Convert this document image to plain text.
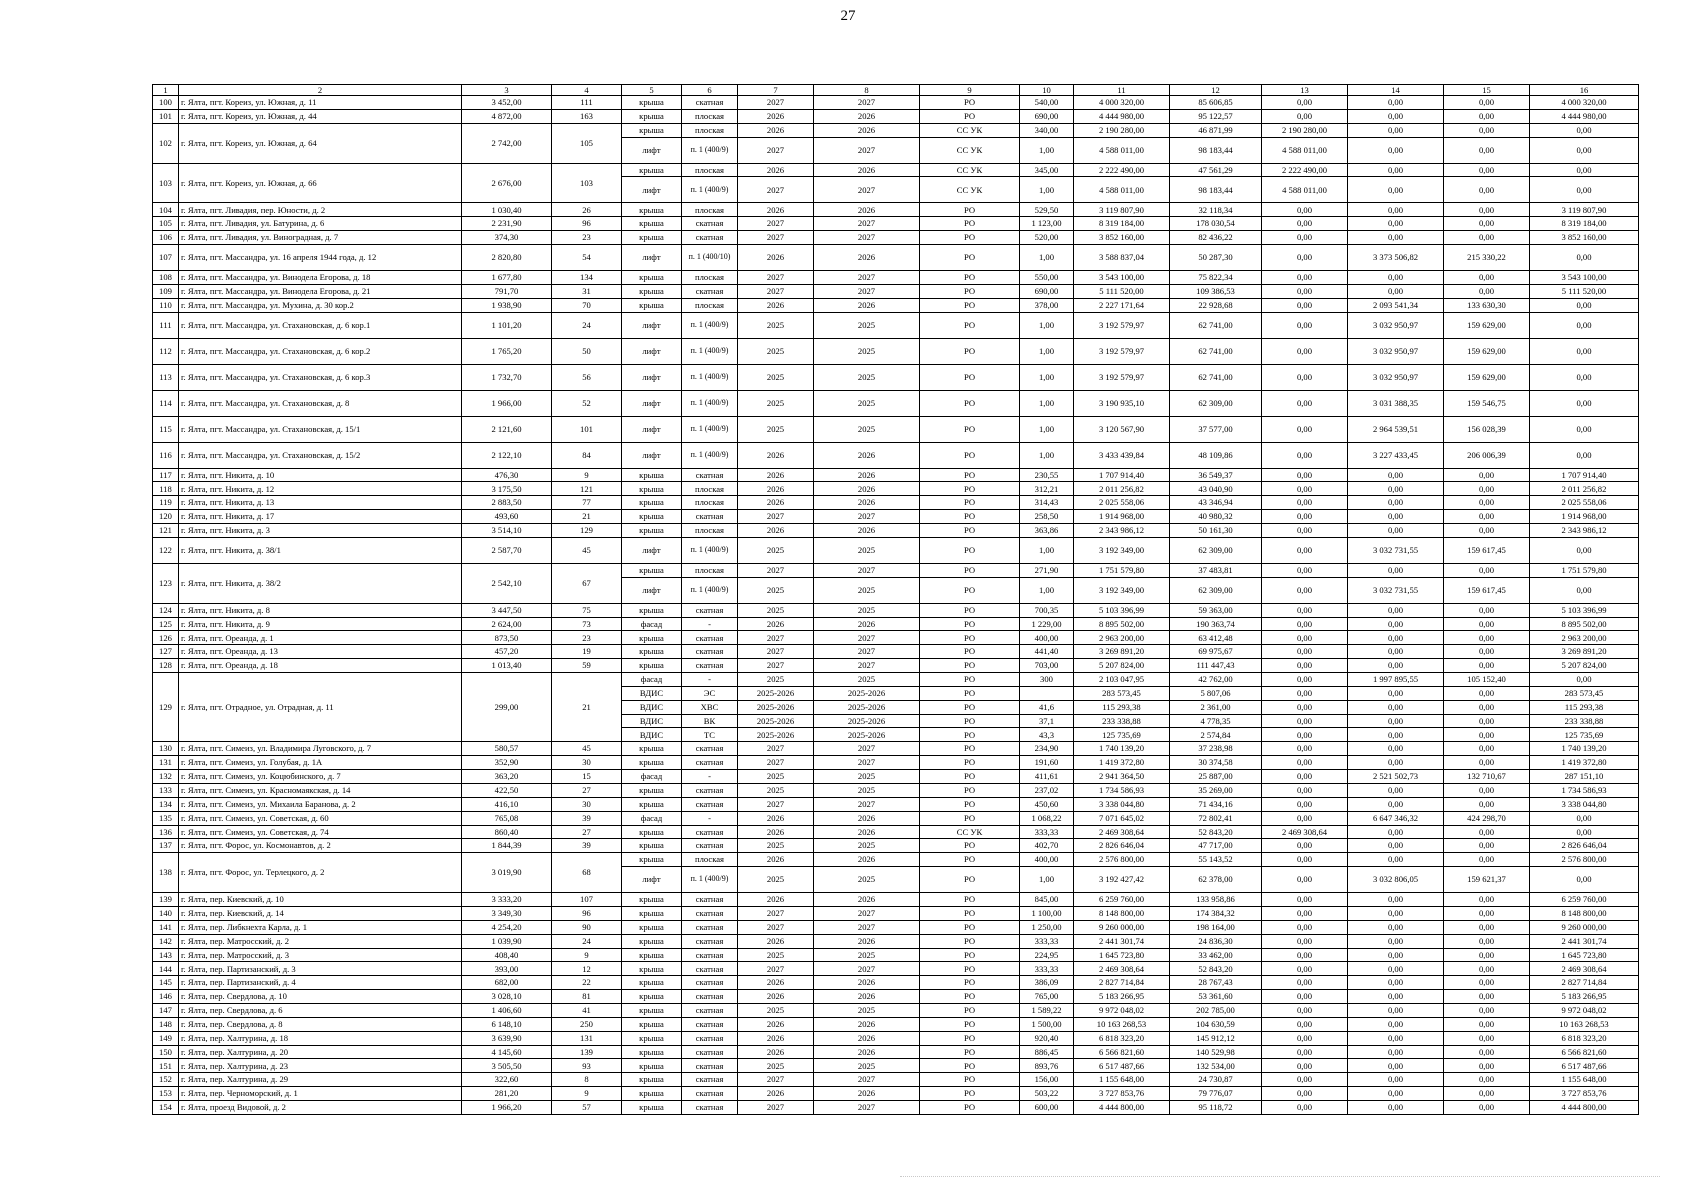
27
1	2	3	4	5	6	7	8	9	10	11	12	13	14	15	16
100	г. Ялта, пгт. Кореиз, ул. Южная, д. 11	3 452,00	111	крыша	скатная	2027	2027	РО	540,00	4 000 320,00	85 606,85	0,00	0,00	0,00	4 000 320,00
101	г. Ялта, пгт. Кореиз, ул. Южная, д. 44	4 872,00	163	крыша	плоская	2026	2026	РО	690,00	4 444 980,00	95 122,57	0,00	0,00	0,00	4 444 980,00
102	г. Ялта, пгт. Кореиз, ул. Южная, д. 64	2 742,00	105	крыша	плоская	2026	2026	СС УК	340,00	2 190 280,00	46 871,99	2 190 280,00	0,00	0,00	0,00
				лифт	п. 1 (400/9)	2027	2027	СС УК	1,00	4 588 011,00	98 183,44	4 588 011,00	0,00	0,00	0,00
103	г. Ялта, пгт. Кореиз, ул. Южная, д. 66	2 676,00	103	крыша	плоская	2026	2026	СС УК	345,00	2 222 490,00	47 561,29	2 222 490,00	0,00	0,00	0,00
				лифт	п. 1 (400/9)	2027	2027	СС УК	1,00	4 588 011,00	98 183,44	4 588 011,00	0,00	0,00	0,00
104	г. Ялта, пгт. Ливадия, пер. Юности, д. 2	1 030,40	26	крыша	плоская	2026	2026	РО	529,50	3 119 807,90	32 118,34	0,00	0,00	0,00	3 119 807,90
105	г. Ялта, пгт. Ливадия, ул. Батурина, д. 6	2 231,90	96	крыша	скатная	2027	2027	РО	1 123,00	8 319 184,00	178 030,54	0,00	0,00	0,00	8 319 184,00
106	г. Ялта, пгт. Ливадия, ул. Виноградная, д. 7	374,30	23	крыша	скатная	2027	2027	РО	520,00	3 852 160,00	82 436,22	0,00	0,00	0,00	3 852 160,00
107	г. Ялта, пгт. Массандра, ул. 16 апреля 1944 года, д. 12	2 820,80	54	лифт	п. 1 (400/10)	2026	2026	РО	1,00	3 588 837,04	50 287,30	0,00	3 373 506,82	215 330,22	0,00
108	г. Ялта, пгт. Массандра, ул. Винодела Егорова, д. 18	1 677,80	134	крыша	плоская	2027	2027	РО	550,00	3 543 100,00	75 822,34	0,00	0,00	0,00	3 543 100,00
109	г. Ялта, пгт. Массандра, ул. Винодела Егорова, д. 21	791,70	31	крыша	скатная	2027	2027	РО	690,00	5 111 520,00	109 386,53	0,00	0,00	0,00	5 111 520,00
110	г. Ялта, пгт. Массандра, ул. Мухина, д. 30 кор.2	1 938,90	70	крыша	плоская	2026	2026	РО	378,00	2 227 171,64	22 928,68	0,00	2 093 541,34	133 630,30	0,00
111	г. Ялта, пгт. Массандра, ул. Стахановская, д. 6 кор.1	1 101,20	24	лифт	п. 1 (400/9)	2025	2025	РО	1,00	3 192 579,97	62 741,00	0,00	3 032 950,97	159 629,00	0,00
112	г. Ялта, пгт. Массандра, ул. Стахановская, д. 6 кор.2	1 765,20	50	лифт	п. 1 (400/9)	2025	2025	РО	1,00	3 192 579,97	62 741,00	0,00	3 032 950,97	159 629,00	0,00
113	г. Ялта, пгт. Массандра, ул. Стахановская, д. 6 кор.3	1 732,70	56	лифт	п. 1 (400/9)	2025	2025	РО	1,00	3 192 579,97	62 741,00	0,00	3 032 950,97	159 629,00	0,00
114	г. Ялта, пгт. Массандра, ул. Стахановская, д. 8	1 966,00	52	лифт	п. 1 (400/9)	2025	2025	РО	1,00	3 190 935,10	62 309,00	0,00	3 031 388,35	159 546,75	0,00
115	г. Ялта, пгт. Массандра, ул. Стахановская, д. 15/1	2 121,60	101	лифт	п. 1 (400/9)	2025	2025	РО	1,00	3 120 567,90	37 577,00	0,00	2 964 539,51	156 028,39	0,00
116	г. Ялта, пгт. Массандра, ул. Стахановская, д. 15/2	2 122,10	84	лифт	п. 1 (400/9)	2026	2026	РО	1,00	3 433 439,84	48 109,86	0,00	3 227 433,45	206 006,39	0,00
117	г. Ялта, пгт. Никита, д. 10	476,30	9	крыша	скатная	2026	2026	РО	230,55	1 707 914,40	36 549,37	0,00	0,00	0,00	1 707 914,40
118	г. Ялта, пгт. Никита, д. 12	3 175,50	121	крыша	плоская	2026	2026	РО	312,21	2 011 256,82	43 040,90	0,00	0,00	0,00	2 011 256,82
119	г. Ялта, пгт. Никита, д. 13	2 883,50	77	крыша	плоская	2026	2026	РО	314,43	2 025 558,06	43 346,94	0,00	0,00	0,00	2 025 558,06
120	г. Ялта, пгт. Никита, д. 17	493,60	21	крыша	скатная	2027	2027	РО	258,50	1 914 968,00	40 980,32	0,00	0,00	0,00	1 914 968,00
121	г. Ялта, пгт. Никита, д. 3	3 514,10	129	крыша	плоская	2026	2026	РО	363,86	2 343 986,12	50 161,30	0,00	0,00	0,00	2 343 986,12
122	г. Ялта, пгт. Никита, д. 38/1	2 587,70	45	лифт	п. 1 (400/9)	2025	2025	РО	1,00	3 192 349,00	62 309,00	0,00	3 032 731,55	159 617,45	0,00
123	г. Ялта, пгт. Никита, д. 38/2	2 542,10	67	крыша	плоская	2027	2027	РО	271,90	1 751 579,80	37 483,81	0,00	0,00	0,00	1 751 579,80
				лифт	п. 1 (400/9)	2025	2025	РО	1,00	3 192 349,00	62 309,00	0,00	3 032 731,55	159 617,45	0,00
124	г. Ялта, пгт. Никита, д. 8	3 447,50	75	крыша	скатная	2025	2025	РО	700,35	5 103 396,99	59 363,00	0,00	0,00	0,00	5 103 396,99
125	г. Ялта, пгт. Никита, д. 9	2 624,00	73	фасад	-	2026	2026	РО	1 229,00	8 895 502,00	190 363,74	0,00	0,00	0,00	8 895 502,00
126	г. Ялта, пгт. Ореанда, д. 1	873,50	23	крыша	скатная	2027	2027	РО	400,00	2 963 200,00	63 412,48	0,00	0,00	0,00	2 963 200,00
127	г. Ялта, пгт. Ореанда, д. 13	457,20	19	крыша	скатная	2027	2027	РО	441,40	3 269 891,20	69 975,67	0,00	0,00	0,00	3 269 891,20
128	г. Ялта, пгт. Ореанда, д. 18	1 013,40	59	крыша	скатная	2027	2027	РО	703,00	5 207 824,00	111 447,43	0,00	0,00	0,00	5 207 824,00
129	г. Ялта, пгт. Отрадное, ул. Отрадная, д. 11	299,00	21	фасад	-	2025	2025	РО	300	2 103 047,95	42 762,00	0,00	1 997 895,55	105 152,40	0,00
				ВДИС	ЭС	2025-2026	2025-2026	РО		283 573,45	5 807,06	0,00	0,00	0,00	283 573,45
				ВДИС	ХВС	2025-2026	2025-2026	РО	41,6	115 293,38	2 361,00	0,00	0,00	0,00	115 293,38
				ВДИС	ВК	2025-2026	2025-2026	РО	37,1	233 338,88	4 778,35	0,00	0,00	0,00	233 338,88
				ВДИС	ТС	2025-2026	2025-2026	РО	43,3	125 735,69	2 574,84	0,00	0,00	0,00	125 735,69
130	г. Ялта, пгт. Симеиз, ул. Владимира Луговского, д. 7	580,57	45	крыша	скатная	2027	2027	РО	234,90	1 740 139,20	37 238,98	0,00	0,00	0,00	1 740 139,20
131	г. Ялта, пгт. Симеиз, ул. Голубая, д. 1А	352,90	30	крыша	скатная	2027	2027	РО	191,60	1 419 372,80	30 374,58	0,00	0,00	0,00	1 419 372,80
132	г. Ялта, пгт. Симеиз, ул. Коцюбинского, д. 7	363,20	15	фасад	-	2025	2025	РО	411,61	2 941 364,50	25 887,00	0,00	2 521 502,73	132 710,67	287 151,10
133	г. Ялта, пгт. Симеиз, ул. Красномаякская, д. 14	422,50	27	крыша	скатная	2025	2025	РО	237,02	1 734 586,93	35 269,00	0,00	0,00	0,00	1 734 586,93
134	г. Ялта, пгт. Симеиз, ул. Михаила Баранова, д. 2	416,10	30	крыша	скатная	2027	2027	РО	450,60	3 338 044,80	71 434,16	0,00	0,00	0,00	3 338 044,80
135	г. Ялта, пгт. Симеиз, ул. Советская, д. 60	765,08	39	фасад	-	2026	2026	РО	1 068,22	7 071 645,02	72 802,41	0,00	6 647 346,32	424 298,70	0,00
136	г. Ялта, пгт. Симеиз, ул. Советская, д. 74	860,40	27	крыша	скатная	2026	2026	СС УК	333,33	2 469 308,64	52 843,20	2 469 308,64	0,00	0,00	0,00
137	г. Ялта, пгт. Форос, ул. Космонавтов, д. 2	1 844,39	39	крыша	скатная	2025	2025	РО	402,70	2 826 646,04	47 717,00	0,00	0,00	0,00	2 826 646,04
138	г. Ялта, пгт. Форос, ул. Терлецкого, д. 2	3 019,90	68	крыша	плоская	2026	2026	РО	400,00	2 576 800,00	55 143,52	0,00	0,00	0,00	2 576 800,00
				лифт	п. 1 (400/9)	2025	2025	РО	1,00	3 192 427,42	62 378,00	0,00	3 032 806,05	159 621,37	0,00
139	г. Ялта, пер. Киевский, д. 10	3 333,20	107	крыша	скатная	2026	2026	РО	845,00	6 259 760,00	133 958,86	0,00	0,00	0,00	6 259 760,00
140	г. Ялта, пер. Киевский, д. 14	3 349,30	96	крыша	скатная	2027	2027	РО	1 100,00	8 148 800,00	174 384,32	0,00	0,00	0,00	8 148 800,00
141	г. Ялта, пер. Либкнехта Карла, д. 1	4 254,20	90	крыша	скатная	2027	2027	РО	1 250,00	9 260 000,00	198 164,00	0,00	0,00	0,00	9 260 000,00
142	г. Ялта, пер. Матросский, д. 2	1 039,90	24	крыша	скатная	2026	2026	РО	333,33	2 441 301,74	24 836,30	0,00	0,00	0,00	2 441 301,74
143	г. Ялта, пер. Матросский, д. 3	408,40	9	крыша	скатная	2025	2025	РО	224,95	1 645 723,80	33 462,00	0,00	0,00	0,00	1 645 723,80
144	г. Ялта, пер. Партизанский, д. 3	393,00	12	крыша	скатная	2027	2027	РО	333,33	2 469 308,64	52 843,20	0,00	0,00	0,00	2 469 308,64
145	г. Ялта, пер. Партизанский, д. 4	682,00	22	крыша	скатная	2026	2026	РО	386,09	2 827 714,84	28 767,43	0,00	0,00	0,00	2 827 714,84
146	г. Ялта, пер. Свердлова, д. 10	3 028,10	81	крыша	скатная	2026	2026	РО	765,00	5 183 266,95	53 361,60	0,00	0,00	0,00	5 183 266,95
147	г. Ялта, пер. Свердлова, д. 6	1 406,60	41	крыша	скатная	2025	2025	РО	1 589,22	9 972 048,02	202 785,00	0,00	0,00	0,00	9 972 048,02
148	г. Ялта, пер. Свердлова, д. 8	6 148,10	250	крыша	скатная	2026	2026	РО	1 500,00	10 163 268,53	104 630,59	0,00	0,00	0,00	10 163 268,53
149	г. Ялта, пер. Халтурина, д. 18	3 639,90	131	крыша	скатная	2026	2026	РО	920,40	6 818 323,20	145 912,12	0,00	0,00	0,00	6 818 323,20
150	г. Ялта, пер. Халтурина, д. 20	4 145,60	139	крыша	скатная	2026	2026	РО	886,45	6 566 821,60	140 529,98	0,00	0,00	0,00	6 566 821,60
151	г. Ялта, пер. Халтурина, д. 23	3 505,50	93	крыша	скатная	2025	2025	РО	893,76	6 517 487,66	132 534,00	0,00	0,00	0,00	6 517 487,66
152	г. Ялта, пер. Халтурина, д. 29	322,60	8	крыша	скатная	2027	2027	РО	156,00	1 155 648,00	24 730,87	0,00	0,00	0,00	1 155 648,00
153	г. Ялта, пер. Черноморский, д. 1	281,20	9	крыша	скатная	2026	2026	РО	503,22	3 727 853,76	79 776,07	0,00	0,00	0,00	3 727 853,76
154	г. Ялта, проезд Видовой, д. 2	1 966,20	57	крыша	скатная	2027	2027	РО	600,00	4 444 800,00	95 118,72	0,00	0,00	0,00	4 444 800,00
